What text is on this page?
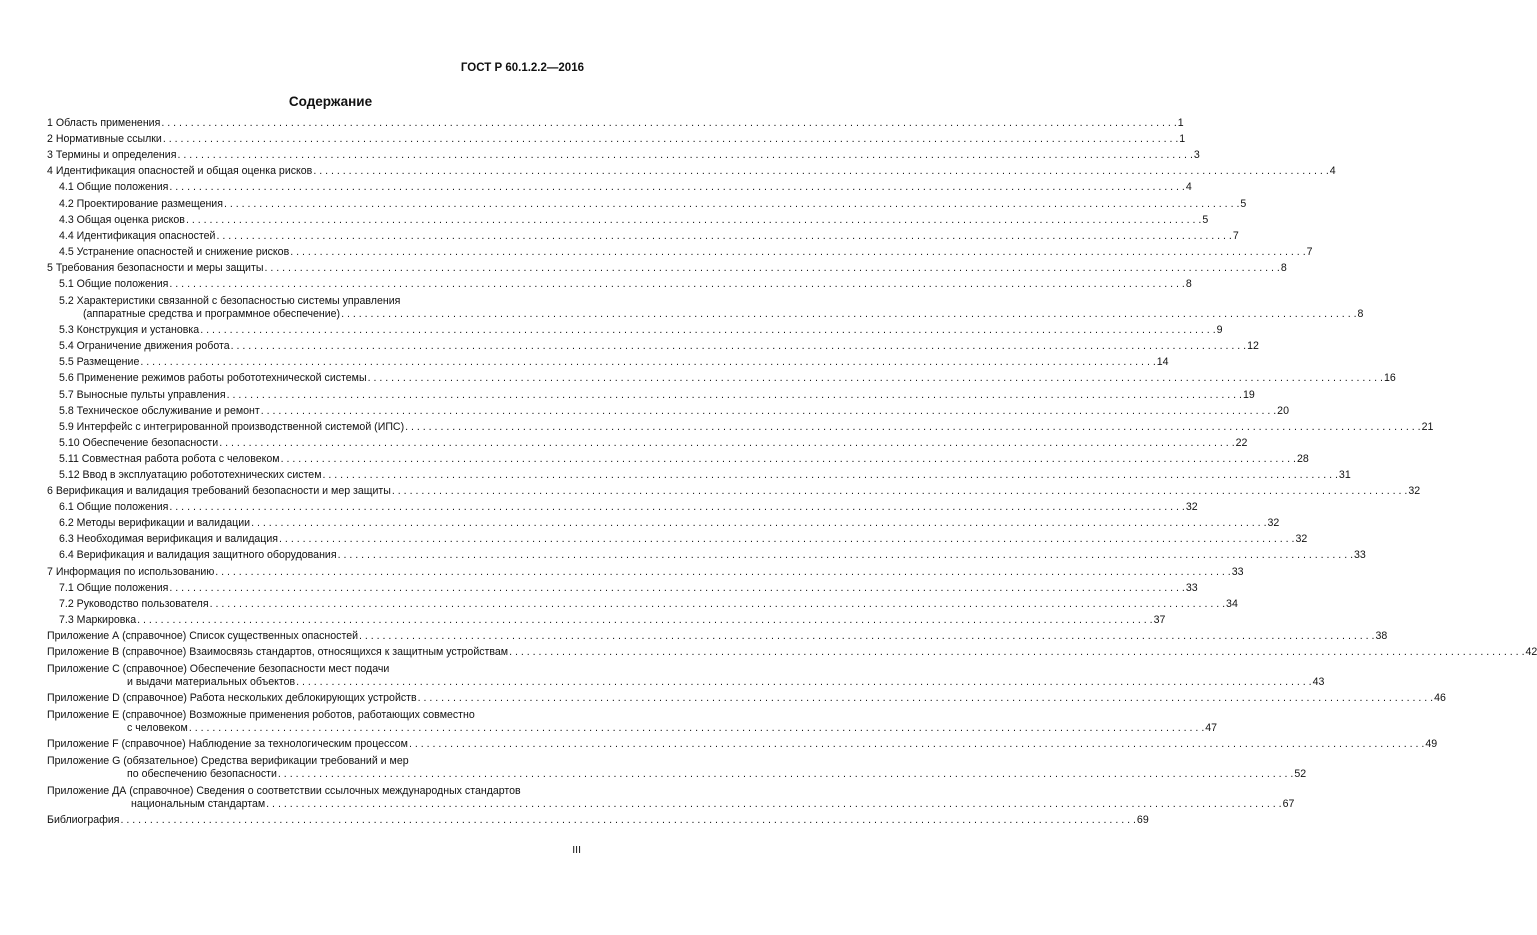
ГОСТ Р 60.1.2.2—2016
Содержание
1 Область применения . . .	1
2 Нормативные ссылки . . .	1
3 Термины и определения . . .	3
4 Идентификация опасностей и общая оценка рисков . . .	4
4.1 Общие положения . . .	4
4.2 Проектирование размещения . . .	5
4.3 Общая оценка рисков . . .	5
4.4 Идентификация опасностей . . .	7
4.5 Устранение опасностей и снижение рисков . . .	7
5 Требования безопасности и меры защиты . . .	8
5.1 Общие положения . . .	8
5.2 Характеристики связанной с безопасностью системы управления
(аппаратные средства и программное обеспечение) . . .	8
5.3 Конструкция и установка . . .	9
5.4 Ограничение движения робота . . .	12
5.5 Размещение . . .	14
5.6 Применение режимов работы робототехнической системы . . .	16
5.7 Выносные пульты управления . . .	19
5.8 Техническое обслуживание и ремонт . . .	20
5.9 Интерфейс с интегрированной производственной системой (ИПС) . . .	21
5.10 Обеспечение безопасности . . .	22
5.11 Совместная работа робота с человеком . . .	28
5.12 Ввод в эксплуатацию робототехнических систем . . .	31
6 Верификация и валидация требований безопасности и мер защиты . . .	32
6.1 Общие положения . . .	32
6.2 Методы верификации и валидации . . .	32
6.3 Необходимая верификация и валидация . . .	32
6.4 Верификация и валидация защитного оборудования . . .	33
7 Информация по использованию . . .	33
7.1 Общие положения . . .	33
7.2 Руководство пользователя . . .	34
7.3 Маркировка . . .	37
Приложение А (справочное) Список существенных опасностей . . .	38
Приложение В (справочное) Взаимосвязь стандартов, относящихся к защитным устройствам . . .	42
Приложение С (справочное) Обеспечение безопасности мест подачи
и выдачи материальных объектов . . .	43
Приложение D (справочное) Работа нескольких деблокирующих устройств . . .	46
Приложение Е (справочное) Возможные применения роботов, работающих совместно
с человеком . . .	47
Приложение F (справочное) Наблюдение за технологическим процессом . . .	49
Приложение G (обязательное) Средства верификации требований и мер
по обеспечению безопасности . . .	52
Приложение ДА (справочное) Сведения о соответствии ссылочных международных стандартов
национальным стандартам . . .	67
Библиография . . .	69
III
